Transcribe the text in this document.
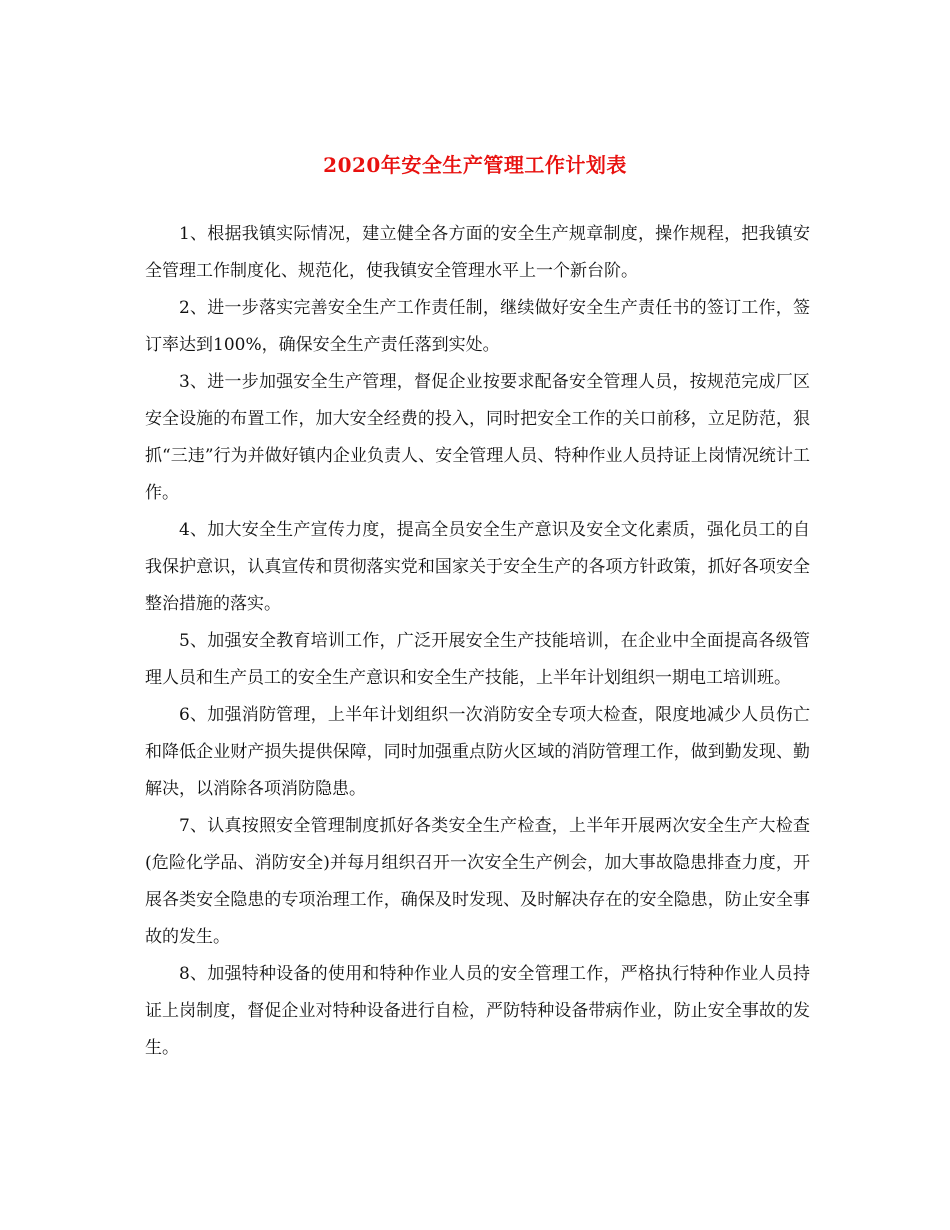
2020年安全生产管理工作计划表

1、根据我镇实际情况，建立健全各方面的安全生产规章制度，操作规程，把我镇安全管理工作制度化、规范化，使我镇安全管理水平上一个新台阶。

2、进一步落实完善安全生产工作责任制，继续做好安全生产责任书的签订工作，签订率达到100%，确保安全生产责任落到实处。

3、进一步加强安全生产管理，督促企业按要求配备安全管理人员，按规范完成厂区安全设施的布置工作，加大安全经费的投入，同时把安全工作的关口前移，立足防范，狠抓“三违”行为并做好镇内企业负责人、安全管理人员、特种作业人员持证上岗情况统计工作。

4、加大安全生产宣传力度，提高全员安全生产意识及安全文化素质，强化员工的自我保护意识，认真宣传和贯彻落实党和国家关于安全生产的各项方针政策，抓好各项安全整治措施的落实。

5、加强安全教育培训工作，广泛开展安全生产技能培训，在企业中全面提高各级管理人员和生产员工的安全生产意识和安全生产技能，上半年计划组织一期电工培训班。

6、加强消防管理，上半年计划组织一次消防安全专项大检查，限度地减少人员伤亡和降低企业财产损失提供保障，同时加强重点防火区域的消防管理工作，做到勤发现、勤解决，以消除各项消防隐患。

7、认真按照安全管理制度抓好各类安全生产检查，上半年开展两次安全生产大检查(危险化学品、消防安全)并每月组织召开一次安全生产例会，加大事故隐患排查力度，开展各类安全隐患的专项治理工作，确保及时发现、及时解决存在的安全隐患，防止安全事故的发生。

8、加强特种设备的使用和特种作业人员的安全管理工作，严格执行特种作业人员持证上岗制度，督促企业对特种设备进行自检，严防特种设备带病作业，防止安全事故的发生。
